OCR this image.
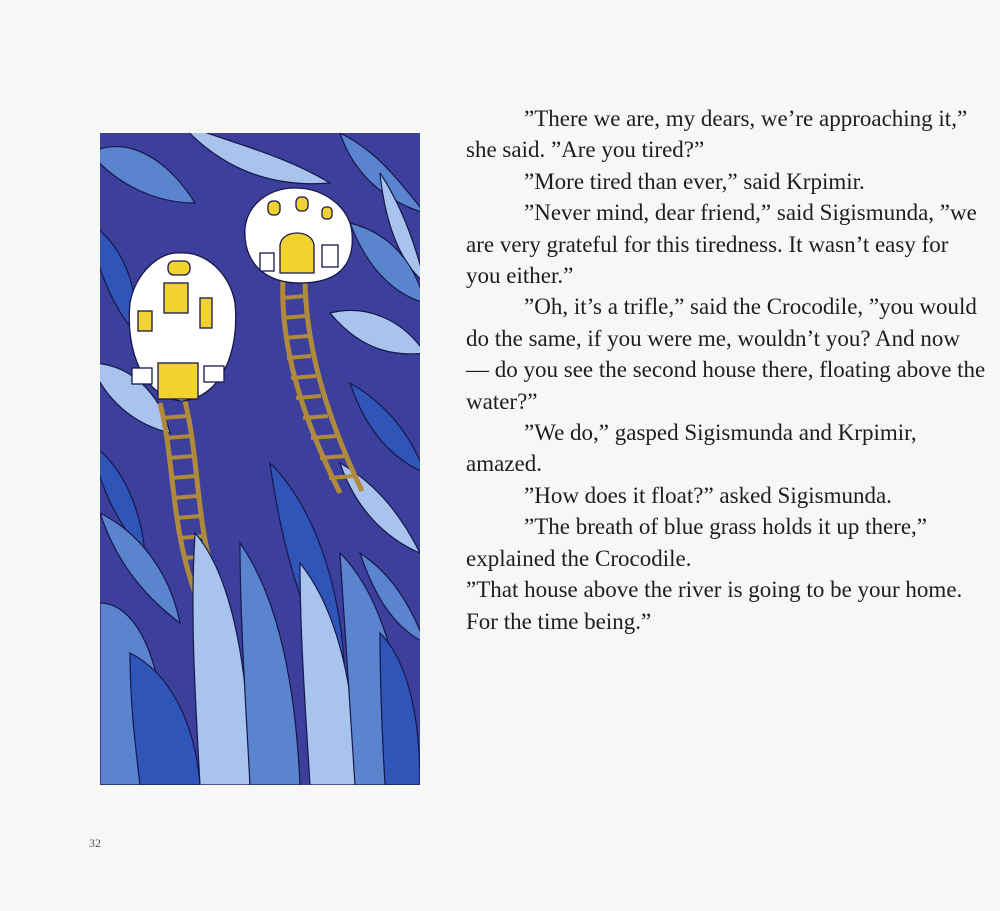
”There we are, my dears, we’re approaching it,” she said. ”Are you tired?”

”More tired than ever,” said Krpimir.

”Never mind, dear friend,” said Sigismunda, ”we are very grateful for this tiredness. It wasn’t easy for you either.”

”Oh, it’s a trifle,” said the Crocodile, ”you would do the same, if you were me, wouldn’t you? And now — do you see the second house there, floating above the water?”

”We do,” gasped Sigismunda and Krpimir, amazed.

”How does it float?” asked Sigismunda.

”The breath of blue grass holds it up there,” explained the Crocodile.

”That house above the river is going to be your home. For the time being.”

32
